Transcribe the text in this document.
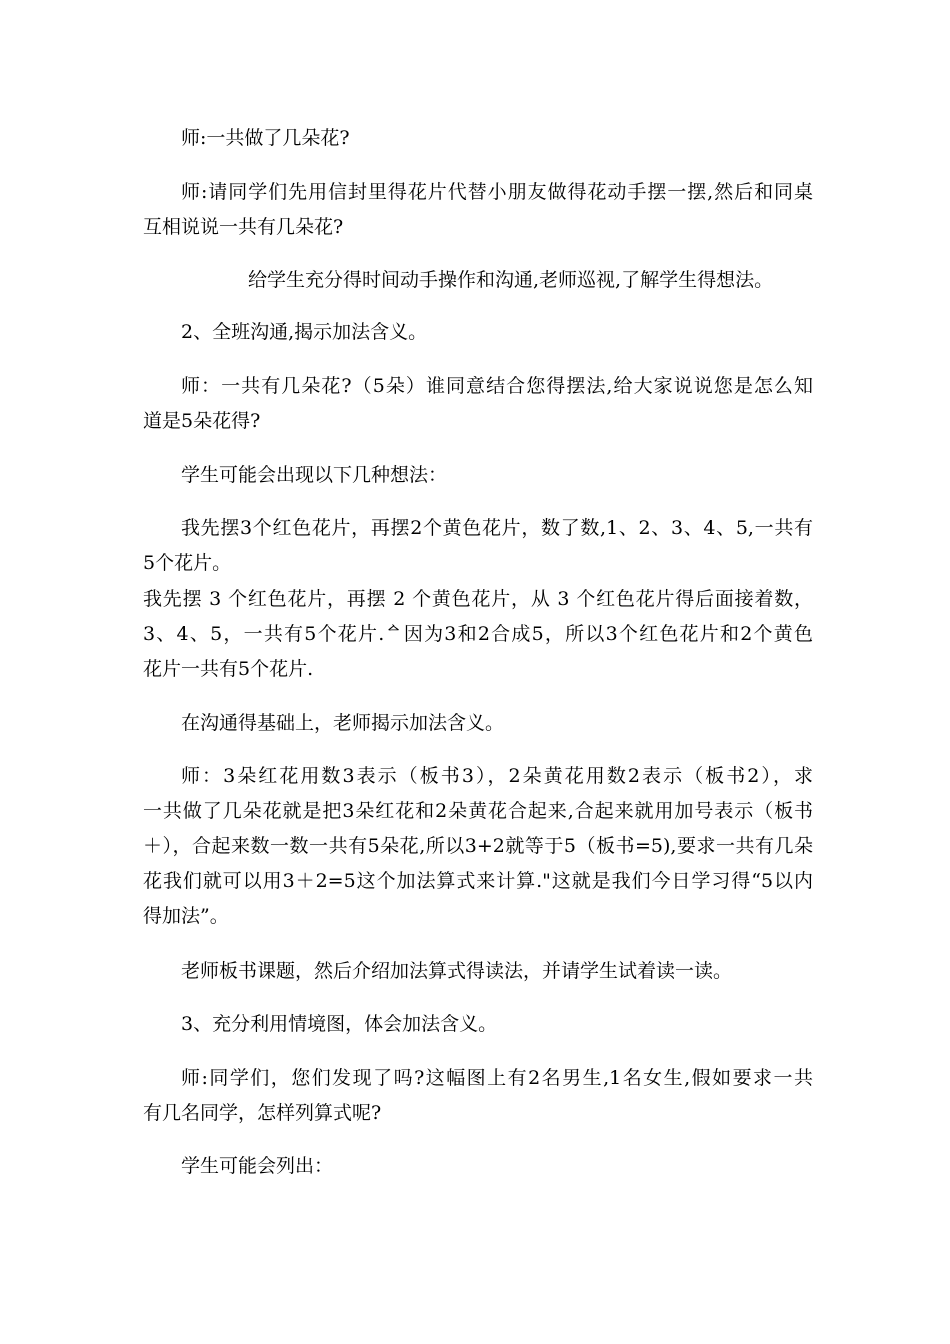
师:一共做了几朵花?
师:请同学们先用信封里得花片代替小朋友做得花动手摆一摆,然后和同桌
互相说说一共有几朵花?
给学生充分得时间动手操作和沟通,老师巡视,了解学生得想法。
2、全班沟通,揭示加法含义。
师：一共有几朵花?（5朵）谁同意结合您得摆法,给大家说说您是怎么知
道是5朵花得?
学生可能会出现以下几种想法：
我先摆3个红色花片，再摆2个黄色花片，数了数,1、2、3、4、5,一共有
5个花片。
我先摆 3 个红色花片，再摆 2 个黄色花片，从 3 个红色花片得后面接着数，
3、4、5，一共有5个花片.ᅀ因为3和2合成5，所以3个红色花片和2个黄色
花片一共有5个花片.
在沟通得基础上，老师揭示加法含义。
师：3朵红花用数3表示（板书3），2朵黄花用数2表示（板书2），求
一共做了几朵花就是把3朵红花和2朵黄花合起来,合起来就用加号表示（板书
＋），合起来数一数一共有5朵花,所以3+2就等于5（板书=5),要求一共有几朵
花我们就可以用3＋2=5这个加法算式来计算."这就是我们今日学习得“5以内
得加法”。
老师板书课题，然后介绍加法算式得读法，并请学生试着读一读。
3、充分利用情境图，体会加法含义。
师:同学们，您们发现了吗?这幅图上有2名男生,1名女生,假如要求一共
有几名同学，怎样列算式呢?
学生可能会列出：
